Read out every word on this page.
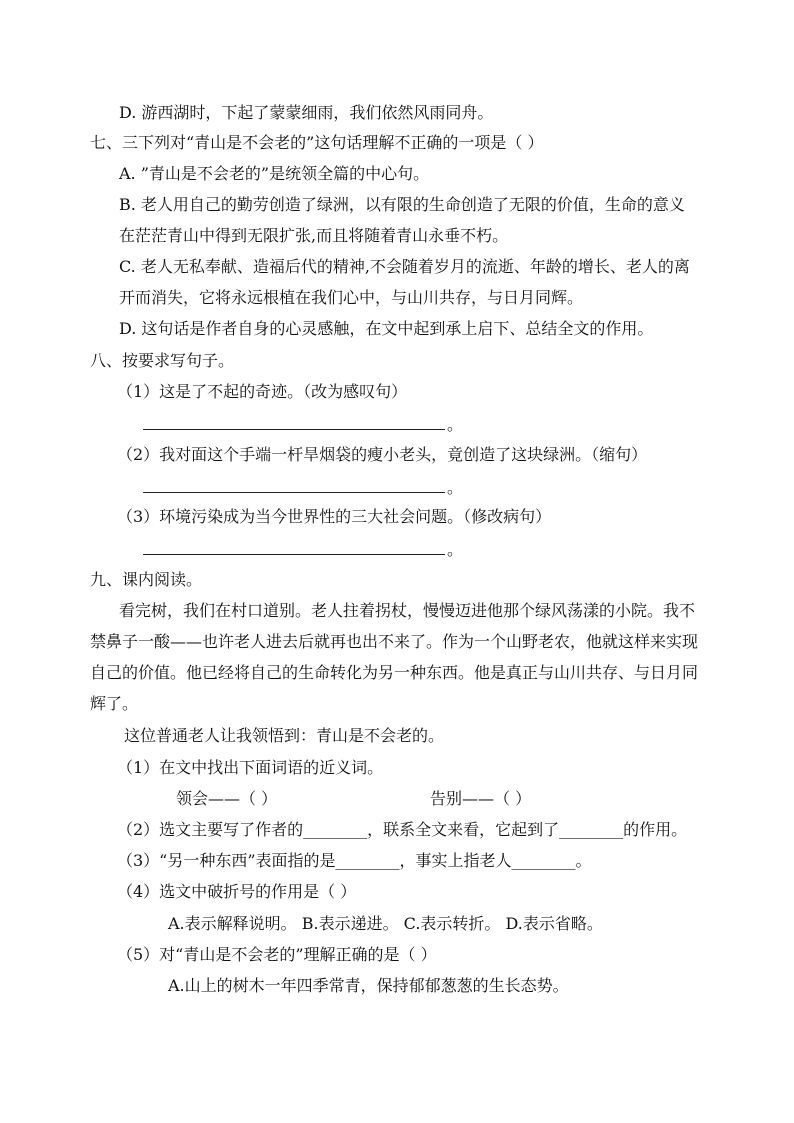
D. 游西湖时，下起了蒙蒙细雨，我们依然风雨同舟。

七、三下列对“青山是不会老的”这句话理解不正确的一项是（ ）

A. ”青山是不会老的”是统领全篇的中心句。

B. 老人用自己的勤劳创造了绿洲，以有限的生命创造了无限的价值，生命的意义

在茫茫青山中得到无限扩张,而且将随着青山永垂不朽。

C. 老人无私奉献、造福后代的精神,不会随着岁月的流逝、年龄的增长、老人的离

开而消失，它将永远根植在我们心中，与山川共存，与日月同辉。

D. 这句话是作者自身的心灵感触，在文中起到承上启下、总结全文的作用。

八、按要求写句子。

（1）这是了不起的奇迹。（改为感叹句）

。

（2）我对面这个手端一杆旱烟袋的瘦小老头，竟创造了这块绿洲。（缩句）

。

（3）环境污染成为当今世界性的三大社会问题。（修改病句）

。

九、课内阅读。

看完树，我们在村口道别。老人拄着拐杖，慢慢迈进他那个绿风荡漾的小院。我不

禁鼻子一酸——也许老人进去后就再也出不来了。作为一个山野老农，他就这样来实现

自己的价值。他已经将自己的生命转化为另一种东西。他是真正与山川共存、与日月同

辉了。

这位普通老人让我领悟到：青山是不会老的。

（1）在文中找出下面词语的近义词。

领会——（ ）	告别——（ ）

（2）选文主要写了作者的________，联系全文来看，它起到了________的作用。

（3）“另一种东西”表面指的是________，事实上指老人________。

（4）选文中破折号的作用是（ ）

A.表示解释说明。 B.表示递进。 C.表示转折。 D.表示省略。

（5）对“青山是不会老的”理解正确的是（ ）

A.山上的树木一年四季常青，保持郁郁葱葱的生长态势。
